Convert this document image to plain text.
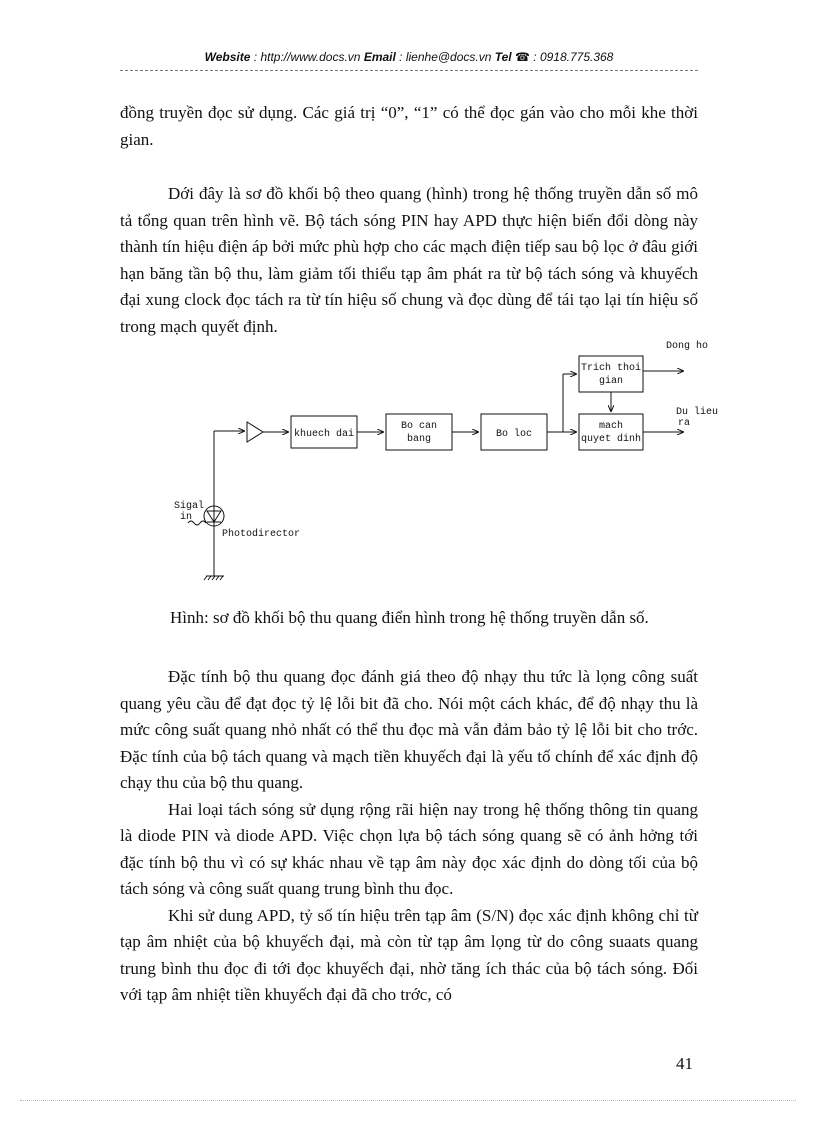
Website : http://www.docs.vn Email : lienhe@docs.vn Tel ☎ : 0918.775.368

đồng truyền đọc sử dụng. Các giá trị “0”, “1” có thể đọc gán vào cho mỗi khe thời gian.

Dới đây là sơ đồ khối bộ theo quang (hình) trong hệ thống truyền dẫn số mô tả tổng quan trên hình vẽ. Bộ tách sóng PIN hay APD thực hiện biến đổi dòng này thành tín hiệu điện áp bởi mức phù hợp cho các mạch điện tiếp sau bộ lọc ở đâu giới hạn băng tần bộ thu, làm giảm tối thiểu tạp âm phát ra từ bộ tách sóng và khuyếch đại xung clock đọc tách ra từ tín hiệu số chung và đọc dùng để tái tạo lại tín hiệu số trong mạch quyết định.

Sigal
in
Photodirector
khuech dai
Bo can
bang	Bo loc
Trich thoi
gian
mach
quyet dinh
Dong ho
Du lieu
ra
Hình: sơ đồ khối bộ thu quang điển hình trong hệ thống truyền dẫn số.

Đặc tính bộ thu quang đọc đánh giá theo độ nhạy thu tức là lọng công suất quang yêu cầu để đạt đọc tỷ lệ lỗi bit đã cho. Nói một cách khác, để độ nhạy thu là mức công suất quang nhỏ nhất có thể thu đọc mà vẫn đảm bảo tỷ lệ lỗi bit cho trớc. Đặc tính của bộ tách quang và mạch tiền khuyếch đại là yếu tố chính để xác định độ chạy thu của bộ thu quang.

Hai loại tách sóng sử dụng rộng rãi hiện nay trong hệ thống thông tin quang là diode PIN và diode APD. Việc chọn lựa bộ tách sóng quang sẽ có ảnh hởng tới đặc tính bộ thu vì có sự khác nhau về tạp âm này đọc xác định do dòng tối của bộ tách sóng và công suất quang trung bình thu đọc.

Khi sử dung APD, tỷ số tín hiệu trên tạp âm (S/N) đọc xác định không chỉ từ tạp âm nhiệt của bộ khuyếch đại, mà còn từ tạp âm lọng từ do công suaats quang trung bình thu đọc đi tới đọc khuyếch đại, nhờ tăng ích thác của bộ tách sóng. Đối với tạp âm nhiệt tiền khuyếch đại đã cho trớc, có

41
